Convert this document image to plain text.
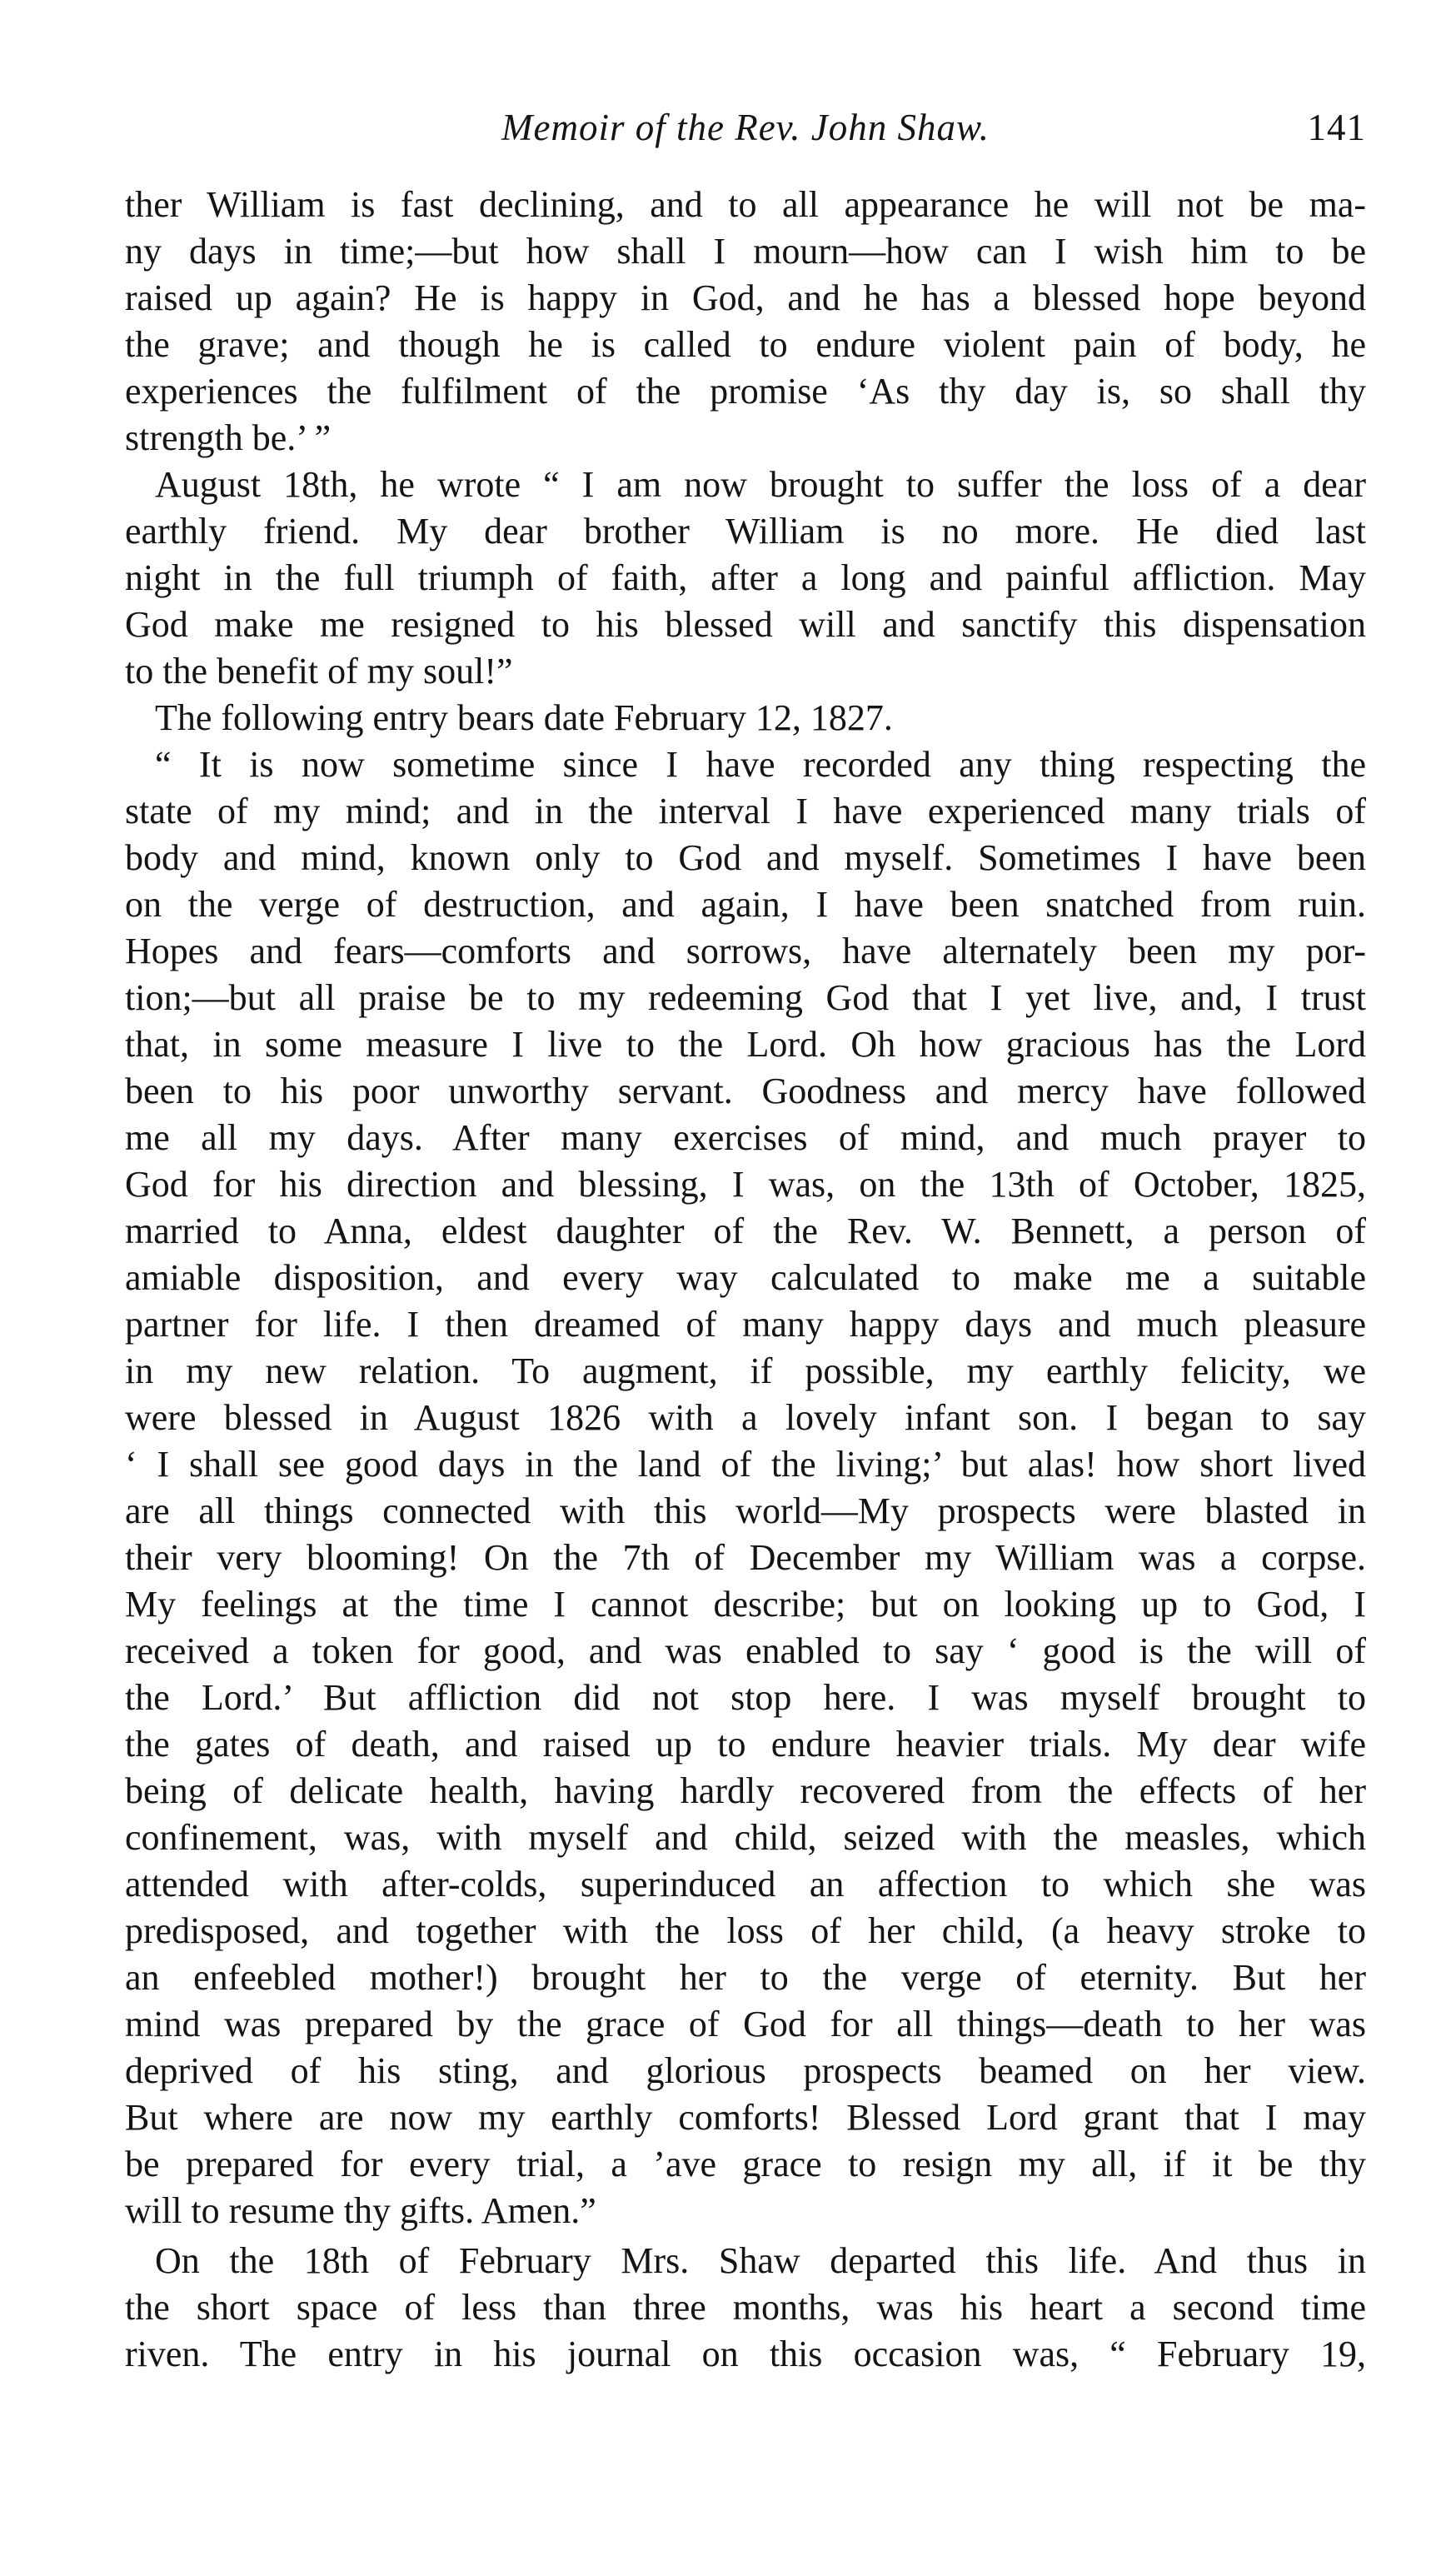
Memoir of the Rev. John Shaw.	141
ther William is fast declining, and to all appearance he will not be ma-
ny days in time;—but how shall I mourn—how can I wish him to be
raised up again? He is happy in God, and he has a blessed hope beyond
the grave; and though he is called to endure violent pain of body, he
experiences the fulfilment of the promise ‘As thy day is, so shall thy
strength be.’ ”
August 18th, he wrote “ I am now brought to suffer the loss of a dear
earthly friend. My dear brother William is no more. He died last
night in the full triumph of faith, after a long and painful affliction. May
God make me resigned to his blessed will and sanctify this dispensation
to the benefit of my soul!”
The following entry bears date February 12, 1827.
“ It is now sometime since I have recorded any thing respecting the
state of my mind; and in the interval I have experienced many trials of
body and mind, known only to God and myself. Sometimes I have been
on the verge of destruction, and again, I have been snatched from ruin.
Hopes and fears—comforts and sorrows, have alternately been my por-
tion;—but all praise be to my redeeming God that I yet live, and, I trust
that, in some measure I live to the Lord. Oh how gracious has the Lord
been to his poor unworthy servant. Goodness and mercy have followed
me all my days. After many exercises of mind, and much prayer to
God for his direction and blessing, I was, on the 13th of October, 1825,
married to Anna, eldest daughter of the Rev. W. Bennett, a person of
amiable disposition, and every way calculated to make me a suitable
partner for life. I then dreamed of many happy days and much pleasure
in my new relation. To augment, if possible, my earthly felicity, we
were blessed in August 1826 with a lovely infant son. I began to say
‘ I shall see good days in the land of the living;’ but alas! how short lived
are all things connected with this world—My prospects were blasted in
their very blooming! On the 7th of December my William was a corpse.
My feelings at the time I cannot describe; but on looking up to God, I
received a token for good, and was enabled to say ‘ good is the will of
the Lord.’ But affliction did not stop here. I was myself brought to
the gates of death, and raised up to endure heavier trials. My dear wife
being of delicate health, having hardly recovered from the effects of her
confinement, was, with myself and child, seized with the measles, which
attended with after-colds, superinduced an affection to which she was
predisposed, and together with the loss of her child, (a heavy stroke to
an enfeebled mother!) brought her to the verge of eternity. But her
mind was prepared by the grace of God for all things—death to her was
deprived of his sting, and glorious prospects beamed on her view.
But where are now my earthly comforts! Blessed Lord grant that I may
be prepared for every trial, a ’ave grace to resign my all, if it be thy
will to resume thy gifts. Amen.”
On the 18th of February Mrs. Shaw departed this life. And thus in
the short space of less than three months, was his heart a second time
riven. The entry in his journal on this occasion was, “ February 19,
